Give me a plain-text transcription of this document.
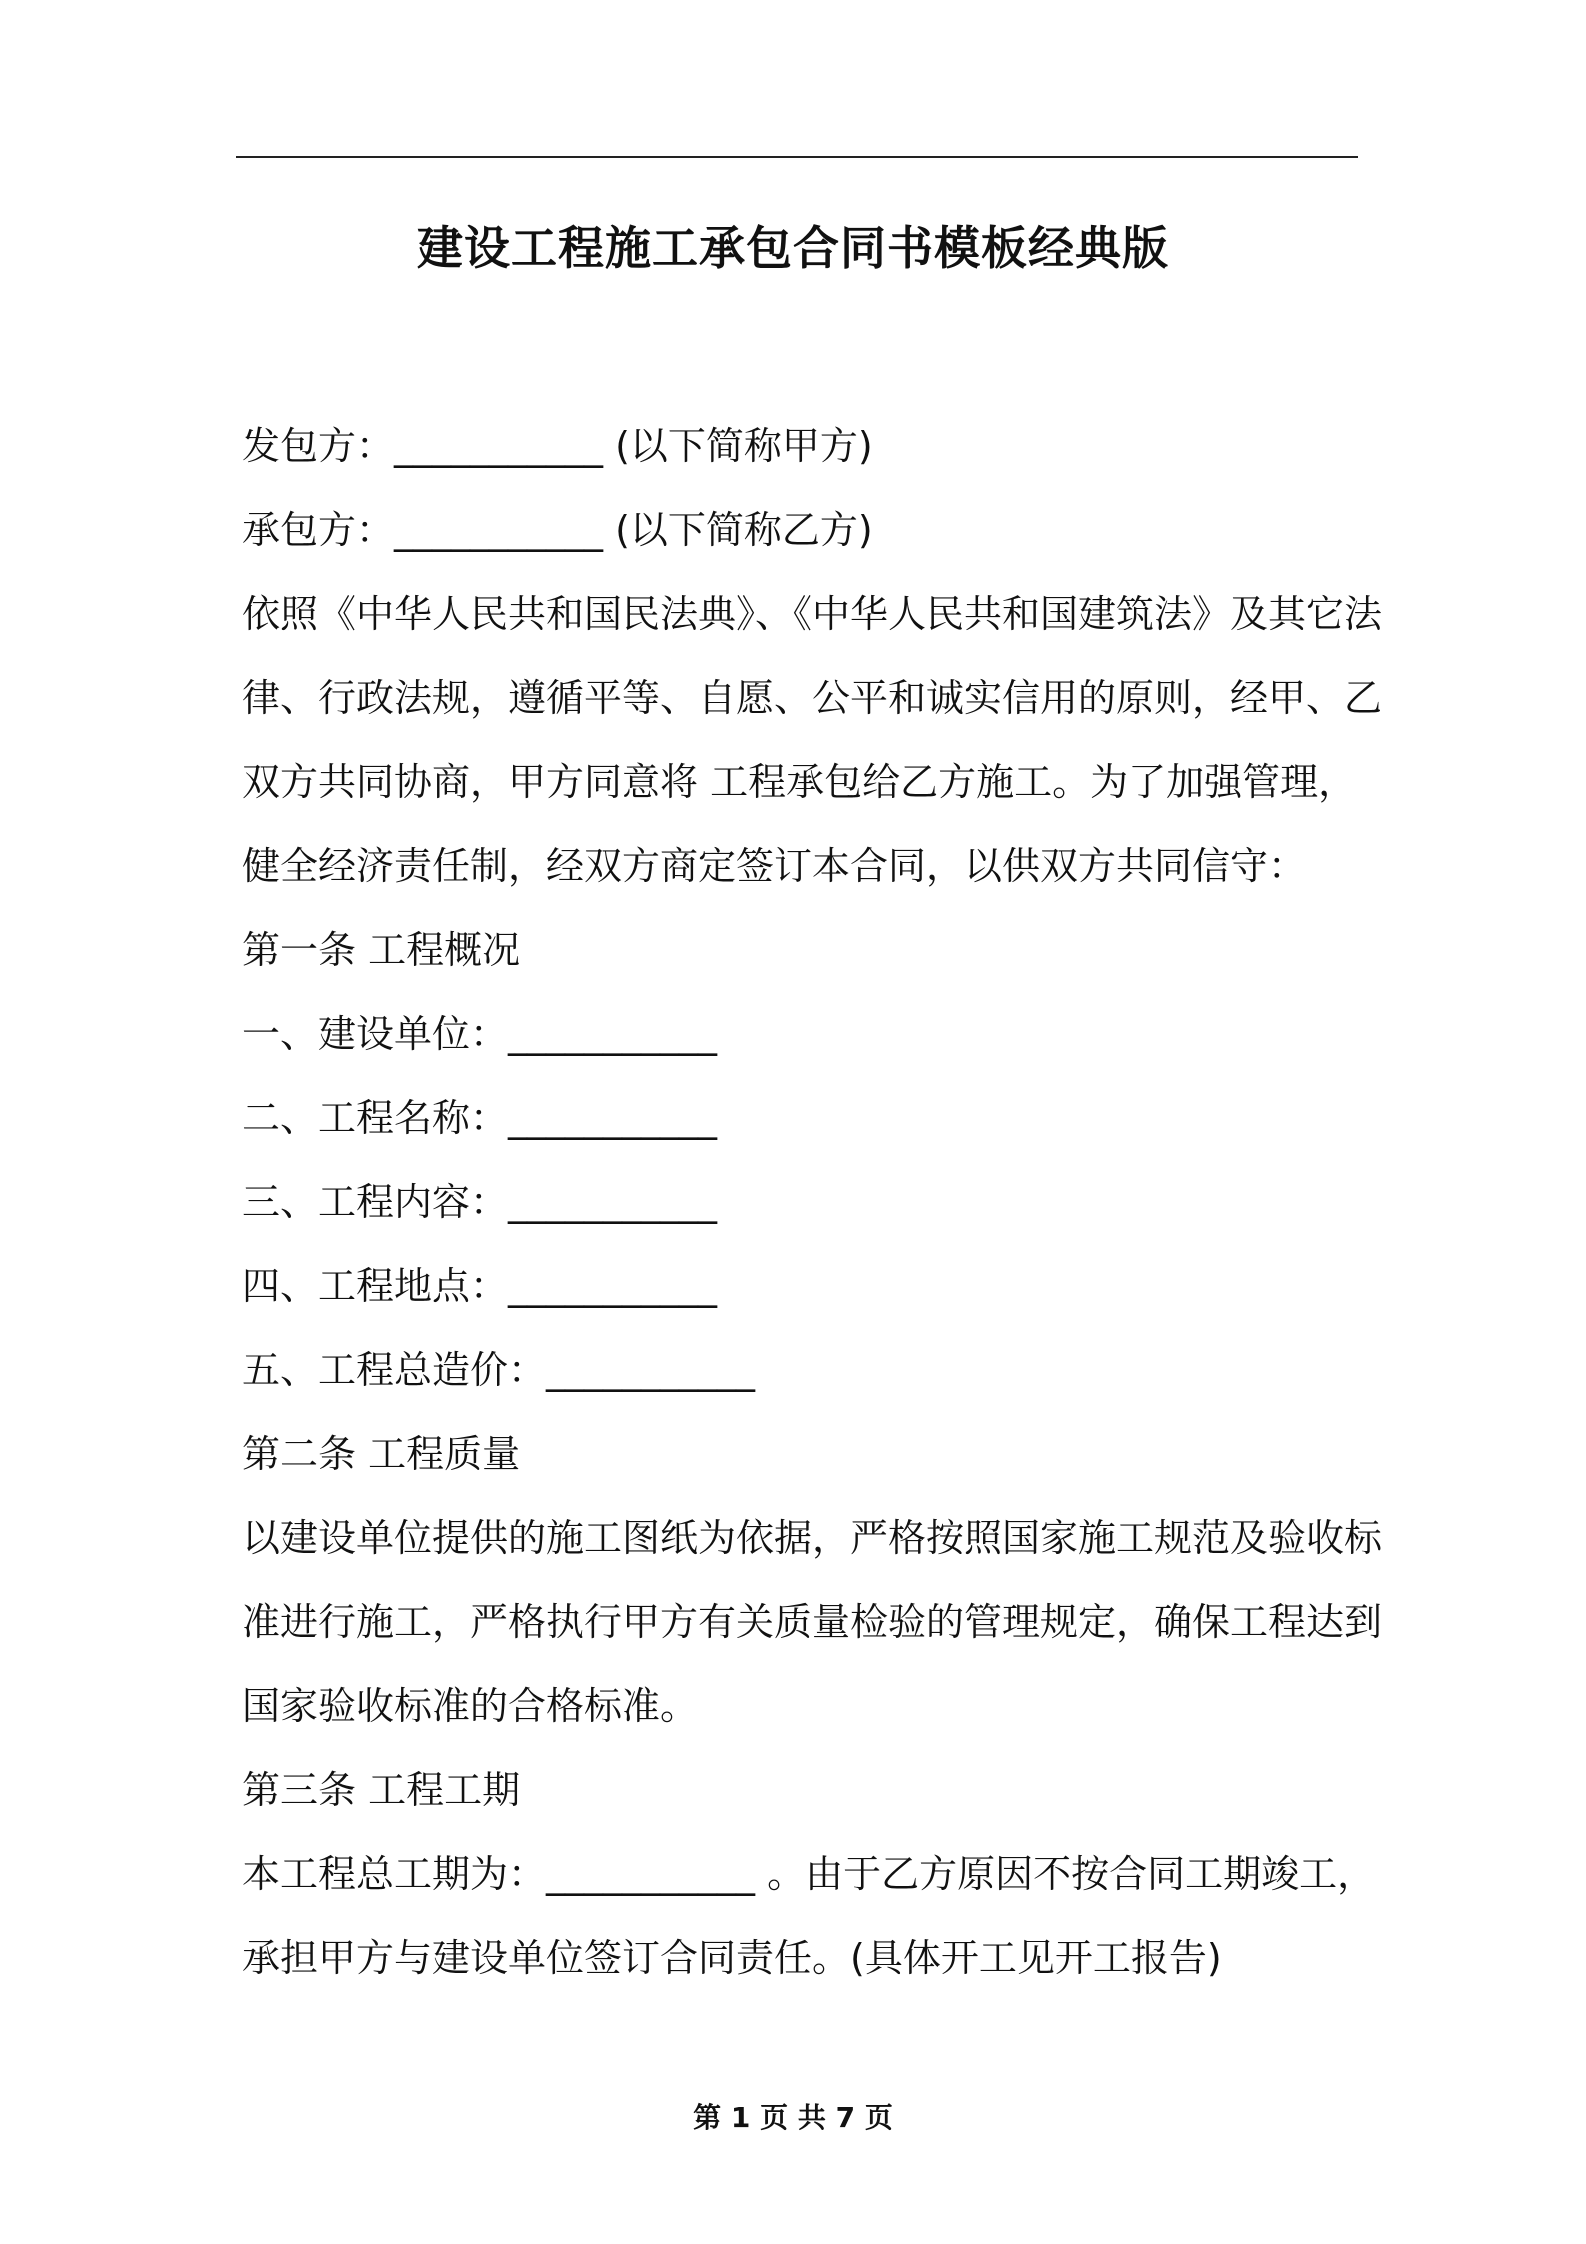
建设工程施工承包合同书模板经典版
发包方：___________ (以下简称甲方)
承包方：___________ (以下简称乙方)
依照《中华人民共和国民法典》、《中华人民共和国建筑法》及其它法
律、行政法规，遵循平等、自愿、公平和诚实信用的原则，经甲、乙
双方共同协商，甲方同意将 工程承包给乙方施工。为了加强管理，
健全经济责任制，经双方商定签订本合同，以供双方共同信守：
第一条 工程概况
一、建设单位：___________
二、工程名称：___________
三、工程内容：___________
四、工程地点：___________
五、工程总造价：___________
第二条 工程质量
以建设单位提供的施工图纸为依据，严格按照国家施工规范及验收标
准进行施工，严格执行甲方有关质量检验的管理规定，确保工程达到
国家验收标准的合格标准。
第三条 工程工期
本工程总工期为：___________ 。由于乙方原因不按合同工期竣工，
承担甲方与建设单位签订合同责任。(具体开工见开工报告)
第 1 页 共 7 页
